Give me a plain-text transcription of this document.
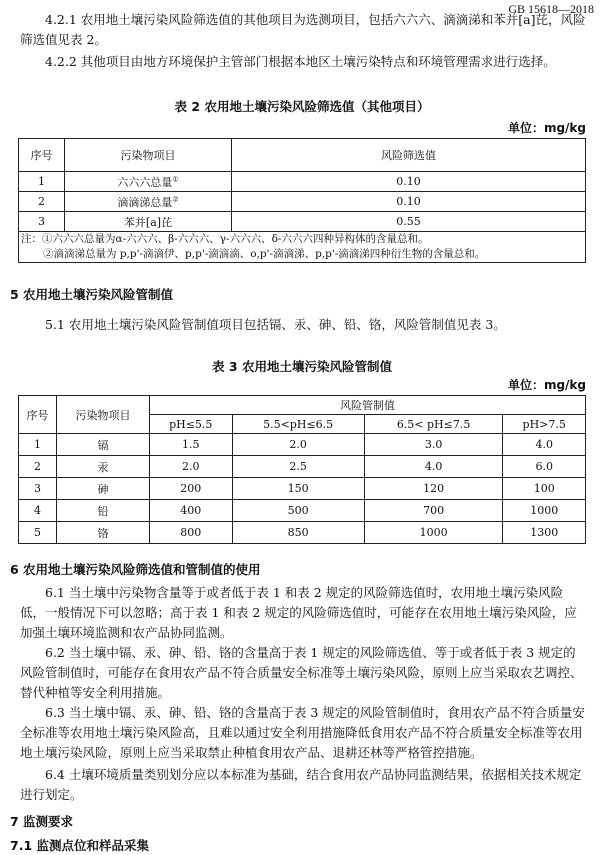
GB 15618—2018
4.2.1 农用地土壤污染风险筛选值的其他项目为选测项目，包括六六六、滴滴涕和苯并[a]芘，风险筛选值见表 2。
4.2.2 其他项目由地方环境保护主管部门根据本地区土壤污染特点和环境管理需求进行选择。
表 2 农用地土壤污染风险筛选值（其他项目）
单位：mg/kg
序号	污染物项目	风险筛选值
1	六六六总量①	0.10
2	滴滴涕总量②	0.10
3	苯并[a]芘	0.55

注：①六六六总量为α-六六六、β-六六六、γ-六六六、δ-六六六四种异构体的含量总和。
②滴滴涕总量为 p,p'-滴滴伊、p,p'-滴滴滴、o,p'-滴滴涕、p,p'-滴滴涕四种衍生物的含量总和。		
5 农用地土壤污染风险管制值
5.1 农用地土壤污染风险管制值项目包括镉、汞、砷、铅、铬，风险管制值见表 3。
表 3 农用地土壤污染风险管制值
单位：mg/kg
序号	污染物项目	风险管制值			
		pH≤5.5	5.5<pH≤6.5	6.5< pH≤7.5	pH>7.5
1	镉	1.5	2.0	3.0	4.0
2	汞	2.0	2.5	4.0	6.0
3	砷	200	150	120	100
4	铅	400	500	700	1000
5	铬	800	850	1000	1300
6 农用地土壤污染风险筛选值和管制值的使用
6.1 当土壤中污染物含量等于或者低于表 1 和表 2 规定的风险筛选值时，农用地土壤污染风险低，一般情况下可以忽略；高于表 1 和表 2 规定的风险筛选值时，可能存在农用地土壤污染风险，应加强土壤环境监测和农产品协同监测。
6.2 当土壤中镉、汞、砷、铅、铬的含量高于表 1 规定的风险筛选值、等于或者低于表 3 规定的风险管制值时，可能存在食用农产品不符合质量安全标准等土壤污染风险，原则上应当采取农艺调控、替代种植等安全利用措施。
6.3 当土壤中镉、汞、砷、铅、铬的含量高于表 3 规定的风险管制值时，食用农产品不符合质量安全标准等农用地土壤污染风险高，且难以通过安全利用措施降低食用农产品不符合质量安全标准等农用地土壤污染风险，原则上应当采取禁止种植食用农产品、退耕还林等严格管控措施。
6.4 土壤环境质量类别划分应以本标准为基础，结合食用农产品协同监测结果，依据相关技术规定进行划定。
7 监测要求
7.1 监测点位和样品采集
